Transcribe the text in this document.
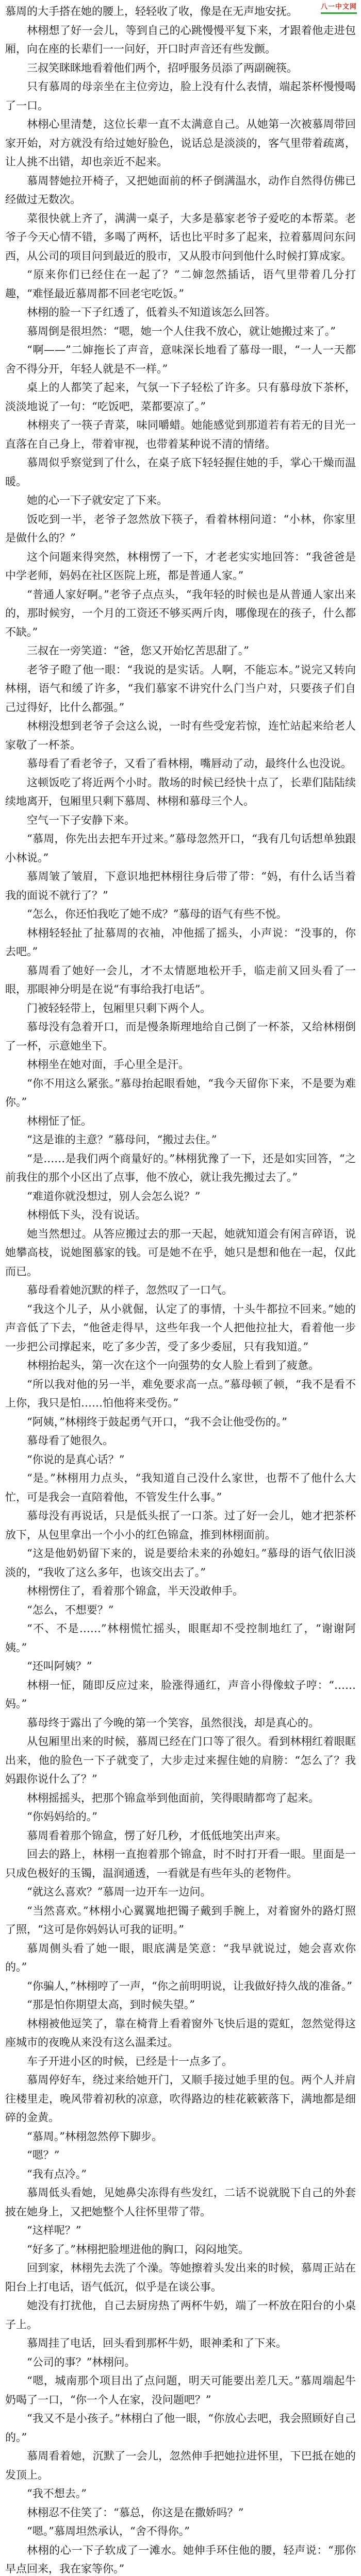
八一中文网

慕周的大手搭在她的腰上，轻轻收了收，像是在无声地安抚。

林栩想了好一会儿，等到自己的心跳慢慢平复下来，才跟着他走进包厢，向在座的长辈们一一问好，开口时声音还有些发颤。

三叔笑眯眯地看着他们两个，招呼服务员添了两副碗筷。

只有慕周的母亲坐在主位旁边，脸上没有什么表情，端起茶杯慢慢喝了一口。

林栩心里清楚，这位长辈一直不太满意自己。从她第一次被慕周带回家开始，对方就没有给过她好脸色，说话总是淡淡的，客气里带着疏离，让人挑不出错，却也亲近不起来。

慕周替她拉开椅子，又把她面前的杯子倒满温水，动作自然得仿佛已经做过无数次。

菜很快就上齐了，满满一桌子，大多是慕家老爷子爱吃的本帮菜。老爷子今天心情不错，多喝了两杯，话也比平时多了起来，拉着慕周问东问西，从公司的项目问到最近的股市，又从股市问到他什么时候打算成家。

“原来你们已经住在一起了？”二婶忽然插话，语气里带着几分打趣，“难怪最近慕周都不回老宅吃饭。”

林栩的脸一下子红透了，低着头不知道该怎么回答。

慕周倒是很坦然：“嗯，她一个人住我不放心，就让她搬过来了。”

“啊——”二婶拖长了声音，意味深长地看了慕母一眼，“一人一天都舍不得分开，年轻人就是不一样。”

桌上的人都笑了起来，气氛一下子轻松了许多。只有慕母放下茶杯，淡淡地说了一句：“吃饭吧，菜都要凉了。”

林栩夹了一筷子青菜，味同嚼蜡。她能感觉到那道若有若无的目光一直落在自己身上，带着审视，也带着某种说不清的情绪。

慕周似乎察觉到了什么，在桌子底下轻轻握住她的手，掌心干燥而温暖。

她的心一下子就安定了下来。

饭吃到一半，老爷子忽然放下筷子，看着林栩问道：“小林，你家里是做什么的？”

这个问题来得突然，林栩愣了一下，才老老实实地回答：“我爸爸是中学老师，妈妈在社区医院上班，都是普通人家。”

“普通人家好啊。”老爷子点点头，“我年轻的时候也是从普通人家出来的，那时候穷，一个月的工资还不够买两斤肉，哪像现在的孩子，什么都不缺。”

三叔在一旁笑道：“爸，您又开始忆苦思甜了。”

老爷子瞪了他一眼：“我说的是实话。人啊，不能忘本。”说完又转向林栩，语气和缓了许多，“我们慕家不讲究什么门当户对，只要孩子们自己过得好，比什么都强。”

林栩没想到老爷子会这么说，一时有些受宠若惊，连忙站起来给老人家敬了一杯茶。

慕母看了看老爷子，又看了看林栩，嘴唇动了动，最终什么也没说。

这顿饭吃了将近两个小时。散场的时候已经快十点了，长辈们陆陆续续地离开，包厢里只剩下慕周、林栩和慕母三个人。

空气一下子安静下来。

“慕周，你先出去把车开过来。”慕母忽然开口，“我有几句话想单独跟小林说。”

慕周皱了皱眉，下意识地把林栩往身后带了带：“妈，有什么话当着我的面说不就行了？”

“怎么，你还怕我吃了她不成？”慕母的语气有些不悦。

林栩轻轻扯了扯慕周的衣袖，冲他摇了摇头，小声说：“没事的，你去吧。”

慕周看了她好一会儿，才不太情愿地松开手，临走前又回头看了一眼，那眼神分明是在说“有事给我打电话”。

门被轻轻带上，包厢里只剩下两个人。

慕母没有急着开口，而是慢条斯理地给自己倒了一杯茶，又给林栩倒了一杯，示意她坐下。

林栩坐在她对面，手心里全是汗。

“你不用这么紧张。”慕母抬起眼看她，“我今天留你下来，不是要为难你。”

林栩怔了怔。

“这是谁的主意？”慕母问，“搬过去住。”

“是……是我们两个商量好的。”林栩犹豫了一下，还是如实回答，“之前我住的那个小区出了点事，他不放心，就让我先搬过去了。”

“难道你就没想过，别人会怎么说？”

林栩低下头，没有说话。

她当然想过。从答应搬过去的那一天起，她就知道会有闲言碎语，说她攀高枝，说她图慕家的钱。可是她不在乎，她只是想和他在一起，仅此而已。

慕母看着她沉默的样子，忽然叹了一口气。

“我这个儿子，从小就倔，认定了的事情，十头牛都拉不回来。”她的声音低了下去，“他爸走得早，这些年我一个人把他拉扯大，看着他一步一步把公司撑起来，吃了多少苦，受了多少委屈，只有我知道。”

林栩抬起头，第一次在这个一向强势的女人脸上看到了疲惫。

“所以我对他的另一半，难免要求高一点。”慕母顿了顿，“我不是看不上你，我只是怕……怕他将来受伤。”

“阿姨，”林栩终于鼓起勇气开口，“我不会让他受伤的。”

慕母看了她很久。

“你说的是真心话？”

“是。”林栩用力点头，“我知道自己没什么家世，也帮不了他什么大忙，可是我会一直陪着他，不管发生什么事。”

慕母没有再说话，只是低头抿了一口茶。过了好一会儿，她才把茶杯放下，从包里拿出一个小小的红色锦盒，推到林栩面前。

“这是他奶奶留下来的，说是要给未来的孙媳妇。”慕母的语气依旧淡淡的，“我收了这么多年，也该交出去了。”

林栩愣住了，看着那个锦盒，半天没敢伸手。

“怎么，不想要？”

“不、不是……”林栩慌忙摇头，眼眶却不受控制地红了，“谢谢阿姨。”

“还叫阿姨？”

林栩一怔，随即反应过来，脸涨得通红，声音小得像蚊子哼：“……妈。”

慕母终于露出了今晚的第一个笑容，虽然很浅，却是真心的。

从包厢里出来的时候，慕周已经在门口等了很久。看到林栩红着眼眶出来，他的脸色一下子就变了，大步走过来握住她的肩膀：“怎么了？我妈跟你说什么了？”

林栩摇摇头，把那个锦盒举到他面前，笑得眼睛都弯了起来。

“你妈妈给的。”

慕周看着那个锦盒，愣了好几秒，才低低地笑出声来。

回去的路上，林栩一直抱着那个锦盒，时不时打开看一眼。里面是一只成色极好的玉镯，温润通透，一看就是有些年头的老物件。

“就这么喜欢？”慕周一边开车一边问。

“当然喜欢。”林栩小心翼翼地把镯子戴到手腕上，对着窗外的路灯照了照，“这可是你妈妈认可我的证明。”

慕周侧头看了她一眼，眼底满是笑意：“我早就说过，她会喜欢你的。”

“你骗人，”林栩哼了一声，“你之前明明说，让我做好持久战的准备。”

“那是怕你期望太高，到时候失望。”

林栩被他逗笑了，靠在椅背上看着窗外飞快后退的霓虹，忽然觉得这座城市的夜晚从来没有这么温柔过。

车子开进小区的时候，已经是十一点多了。

慕周停好车，绕过来给她开门，又顺手接过她手里的包。两个人并肩往楼里走，晚风带着初秋的凉意，吹得路边的桂花簌簌落下，满地都是细碎的金黄。

“慕周。”林栩忽然停下脚步。

“嗯？”

“我有点冷。”

慕周低头看她，见她鼻尖冻得有些发红，二话不说就脱下自己的外套披在她身上，又把她整个人往怀里带了带。

“这样呢？”

“好多了。”林栩把脸埋进他的胸口，闷闷地笑。

回到家，林栩先去洗了个澡。等她擦着头发出来的时候，慕周正站在阳台上打电话，语气低沉，似乎是在谈公事。

她没有打扰他，自己去厨房热了两杯牛奶，端了一杯放在阳台的小桌子上。

慕周挂了电话，回头看到那杯牛奶，眼神柔和了下来。

“公司的事？”林栩问。

“嗯，城南那个项目出了点问题，明天可能要出差几天。”慕周端起牛奶喝了一口，“你一个人在家，没问题吧？”

“我又不是小孩子。”林栩白了他一眼，“你放心去吧，我会照顾好自己的。”

慕周看着她，沉默了一会儿，忽然伸手把她拉进怀里，下巴抵在她的发顶上。

“我不想去。”

林栩忍不住笑了：“慕总，你这是在撒娇吗？”

“嗯。”慕周坦然承认，“舍不得你。”

林栩的心一下子软成了一滩水。她伸手环住他的腰，轻声说：“那你早点回来，我在家等你。”
